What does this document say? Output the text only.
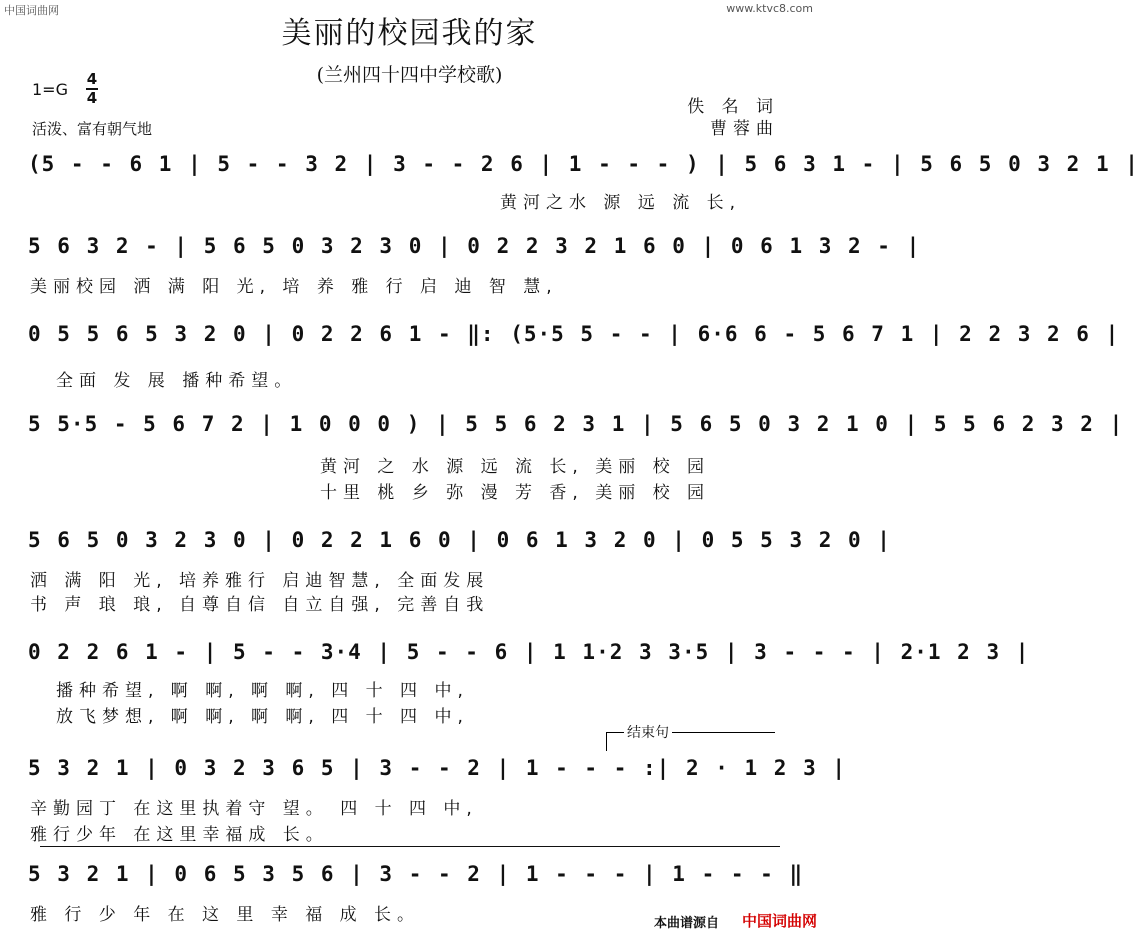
中国词曲网	www.ktvc8.com
美丽的校园我的家
(兰州四十四中学校歌)
1=G
4
4
活泼、富有朝气地
佚 名 词
曹蓉曲
(5 - - 6 1 | 5 - - 3 2 | 3 - - 2 6 | 1 - - - ) | 5 6 3 1 - | 5 6 5 0 3 2 1 |
黄河之水 源 远 流 长,
5 6 3 2 - | 5 6 5 0 3 2 3 0 | 0 2 2 3 2 1 6 0 | 0 6 1 3 2 - |
美丽校园 洒 满 阳 光, 培 养 雅 行 启 迪 智 慧,
0 5 5 6 5 3 2 0 | 0 2 2 6 1 - ‖: (5·5 5 - - | 6·6 6 - 5 6 7 1 | 2 2 3 2 6 |
全面 发 展 播种希望。
5 5·5 - 5 6 7 2 | 1 0 0 0 ) | 5 5 6 2 3 1 | 5 6 5 0 3 2 1 0 | 5 5 6 2 3 2 |
黄河 之 水 源 远 流 长, 美丽 校 园
十里 桃 乡 弥 漫 芳 香, 美丽 校 园
5 6 5 0 3 2 3 0 | 0 2 2 1 6 0 | 0 6 1 3 2 0 | 0 5 5 3 2 0 |
洒 满 阳 光, 培养雅行 启迪智慧, 全面发展
书 声 琅 琅, 自尊自信 自立自强, 完善自我
0 2 2 6 1 - | 5 - - 3·4 | 5 - - 6 | 1 1·2 3 3·5 | 3 - - - | 2·1 2 3 |
播种希望, 啊 啊, 啊 啊, 四 十 四 中,
放飞梦想, 啊 啊, 啊 啊, 四 十 四 中,
结束句
5 3 2 1 | 0 3 2 3 6 5 | 3 - - 2 | 1 - - - :| 2 · 1 2 3 |
辛勤园丁 在这里执着守 望。 四 十 四 中,
雅行少年 在这里幸福成 长。
5 3 2 1 | 0 6 5 3 5 6 | 3 - - 2 | 1 - - - | 1 - - - ‖
雅 行 少 年 在 这 里 幸 福 成 长。	本曲谱源自 中国词曲网
